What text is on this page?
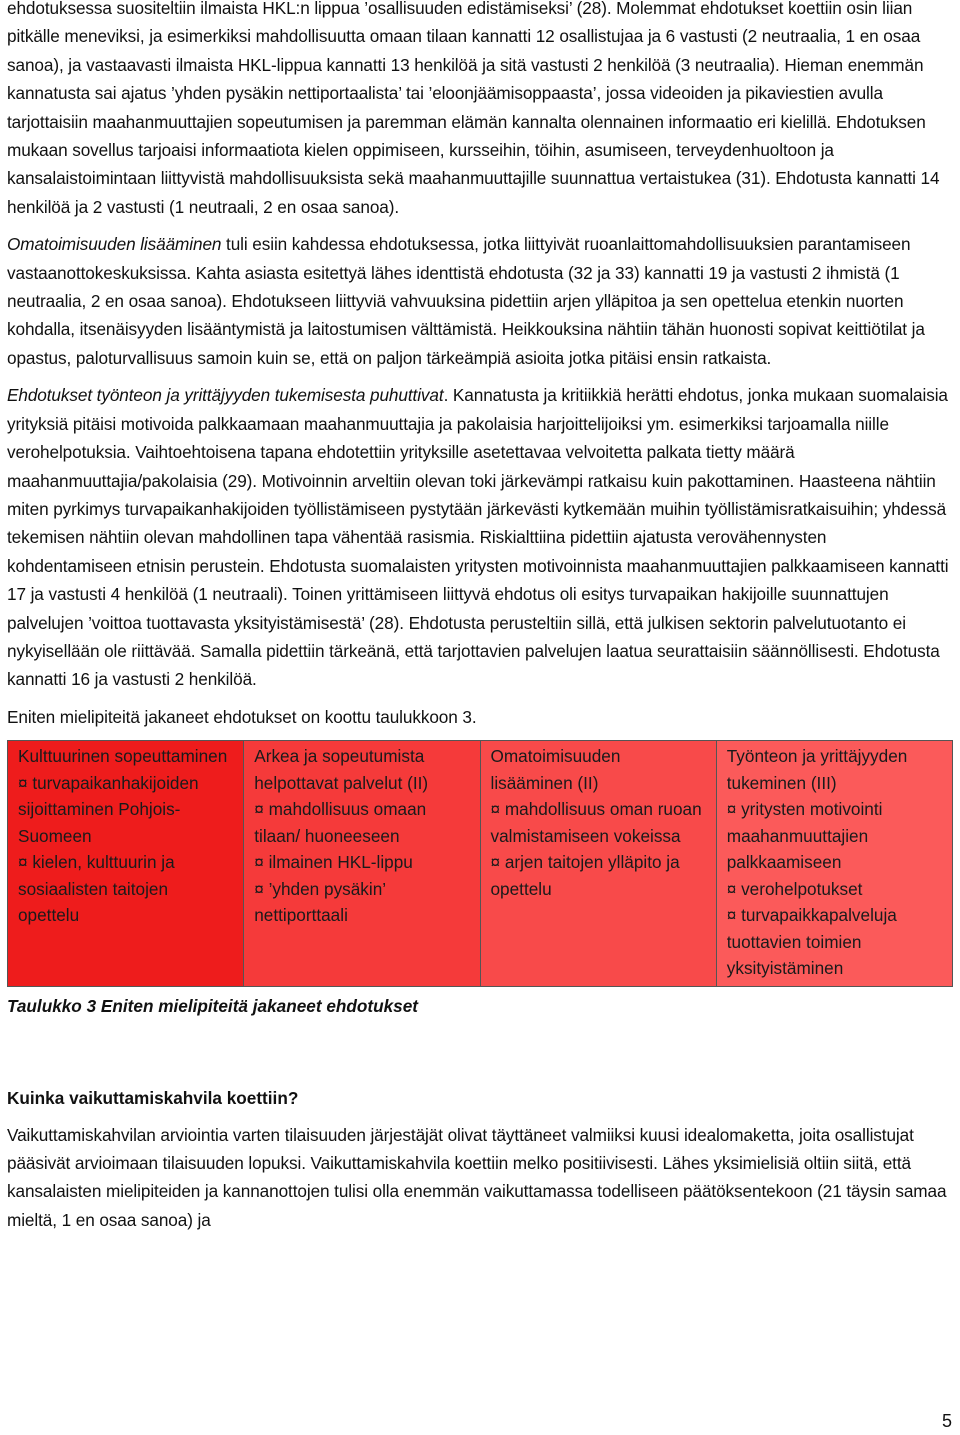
ehdotuksessa suositeltiin ilmaista HKL:n lippua ’osallisuuden edistämiseksi’ (28). Molemmat ehdotukset koettiin osin liian pitkälle meneviksi, ja esimerkiksi mahdollisuutta omaan tilaan kannatti 12 osallistujaa ja 6 vastusti (2 neutraalia, 1 en osaa sanoa), ja vastaavasti ilmaista HKL-lippua kannatti 13 henkilöä ja sitä vastusti 2 henkilöä (3 neutraalia). Hieman enemmän kannatusta sai ajatus ’yhden pysäkin nettiportaalista’ tai ’eloonjäämisoppaasta’, jossa videoiden ja pikaviestien avulla tarjottaisiin maahanmuuttajien sopeutumisen ja paremman elämän kannalta olennainen informaatio eri kielillä. Ehdotuksen mukaan sovellus tarjoaisi informaatiota kielen oppimiseen, kursseihin, töihin, asumiseen, terveydenhuoltoon ja kansalaistoimintaan liittyvistä mahdollisuuksista sekä maahanmuuttajille suunnattua vertaistukea (31). Ehdotusta kannatti 14 henkilöä ja 2 vastusti (1 neutraali, 2 en osaa sanoa).

Omatoimisuuden lisääminen tuli esiin kahdessa ehdotuksessa, jotka liittyivät ruoanlaittomahdollisuuksien parantamiseen vastaanottokeskuksissa. Kahta asiasta esitettyä lähes identtistä ehdotusta (32 ja 33) kannatti 19 ja vastusti 2 ihmistä (1 neutraalia, 2 en osaa sanoa). Ehdotukseen liittyviä vahvuuksina pidettiin arjen ylläpitoa ja sen opettelua etenkin nuorten kohdalla, itsenäisyyden lisääntymistä ja laitostumisen välttämistä. Heikkouksina nähtiin tähän huonosti sopivat keittiötilat ja opastus, paloturvallisuus samoin kuin se, että on paljon tärkeämpiä asioita jotka pitäisi ensin ratkaista.

Ehdotukset työnteon ja yrittäjyyden tukemisesta puhuttivat. Kannatusta ja kritiikkiä herätti ehdotus, jonka mukaan suomalaisia yrityksiä pitäisi motivoida palkkaamaan maahanmuuttajia ja pakolaisia harjoittelijoiksi ym. esimerkiksi tarjoamalla niille verohelpotuksia. Vaihtoehtoisena tapana ehdotettiin yrityksille asetettavaa velvoitetta palkata tietty määrä maahanmuuttajia/pakolaisia (29). Motivoinnin arveltiin olevan toki järkevämpi ratkaisu kuin pakottaminen. Haasteena nähtiin miten pyrkimys turvapaikanhakijoiden työllistämiseen pystytään järkevästi kytkemään muihin työllistämisratkaisuihin; yhdessä tekemisen nähtiin olevan mahdollinen tapa vähentää rasismia. Riskialttiina pidettiin ajatusta verovähennysten kohdentamiseen etnisin perustein. Ehdotusta suomalaisten yritysten motivoinnista maahanmuuttajien palkkaamiseen kannatti 17 ja vastusti 4 henkilöä (1 neutraali). Toinen yrittämiseen liittyvä ehdotus oli esitys turvapaikan hakijoille suunnattujen palvelujen ’voittoa tuottavasta yksityistämisestä’ (28). Ehdotusta perusteltiin sillä, että julkisen sektorin palvelutuotanto ei nykyisellään ole riittävää. Samalla pidettiin tärkeänä, että tarjottavien palvelujen laatua seurattaisiin säännöllisesti. Ehdotusta kannatti 16 ja vastusti 2 henkilöä.

Eniten mielipiteitä jakaneet ehdotukset on koottu taulukkoon 3.

Kulttuurinen sopeuttaminen
¤ turvapaikanhakijoiden sijoittaminen Pohjois-Suomeen
¤ kielen, kulttuurin ja sosiaalisten taitojen opettelu

Arkea ja sopeutumista helpottavat palvelut (II)
¤ mahdollisuus omaan tilaan/ huoneeseen
¤ ilmainen HKL-lippu
¤ ’yhden pysäkin’ nettiporttaali

Omatoimisuuden lisääminen (II)
¤ mahdollisuus oman ruoan valmistamiseen vokeissa
¤ arjen taitojen ylläpito ja opettelu

Työnteon ja yrittäjyyden tukeminen (III)
¤ yritysten motivointi maahanmuuttajien palkkaamiseen
¤ verohelpotukset
¤ turvapaikkapalveluja tuottavien toimien yksityistäminen

Taulukko 3 Eniten mielipiteitä jakaneet ehdotukset

Kuinka vaikuttamiskahvila koettiin?

Vaikuttamiskahvilan arviointia varten tilaisuuden järjestäjät olivat täyttäneet valmiiksi kuusi idealomaketta, joita osallistujat pääsivät arvioimaan tilaisuuden lopuksi. Vaikuttamiskahvila koettiin melko positiivisesti. Lähes yksimielisiä oltiin siitä, että kansalaisten mielipiteiden ja kannanottojen tulisi olla enemmän vaikuttamassa todelliseen päätöksentekoon (21 täysin samaa mieltä, 1 en osaa sanoa) ja

5
